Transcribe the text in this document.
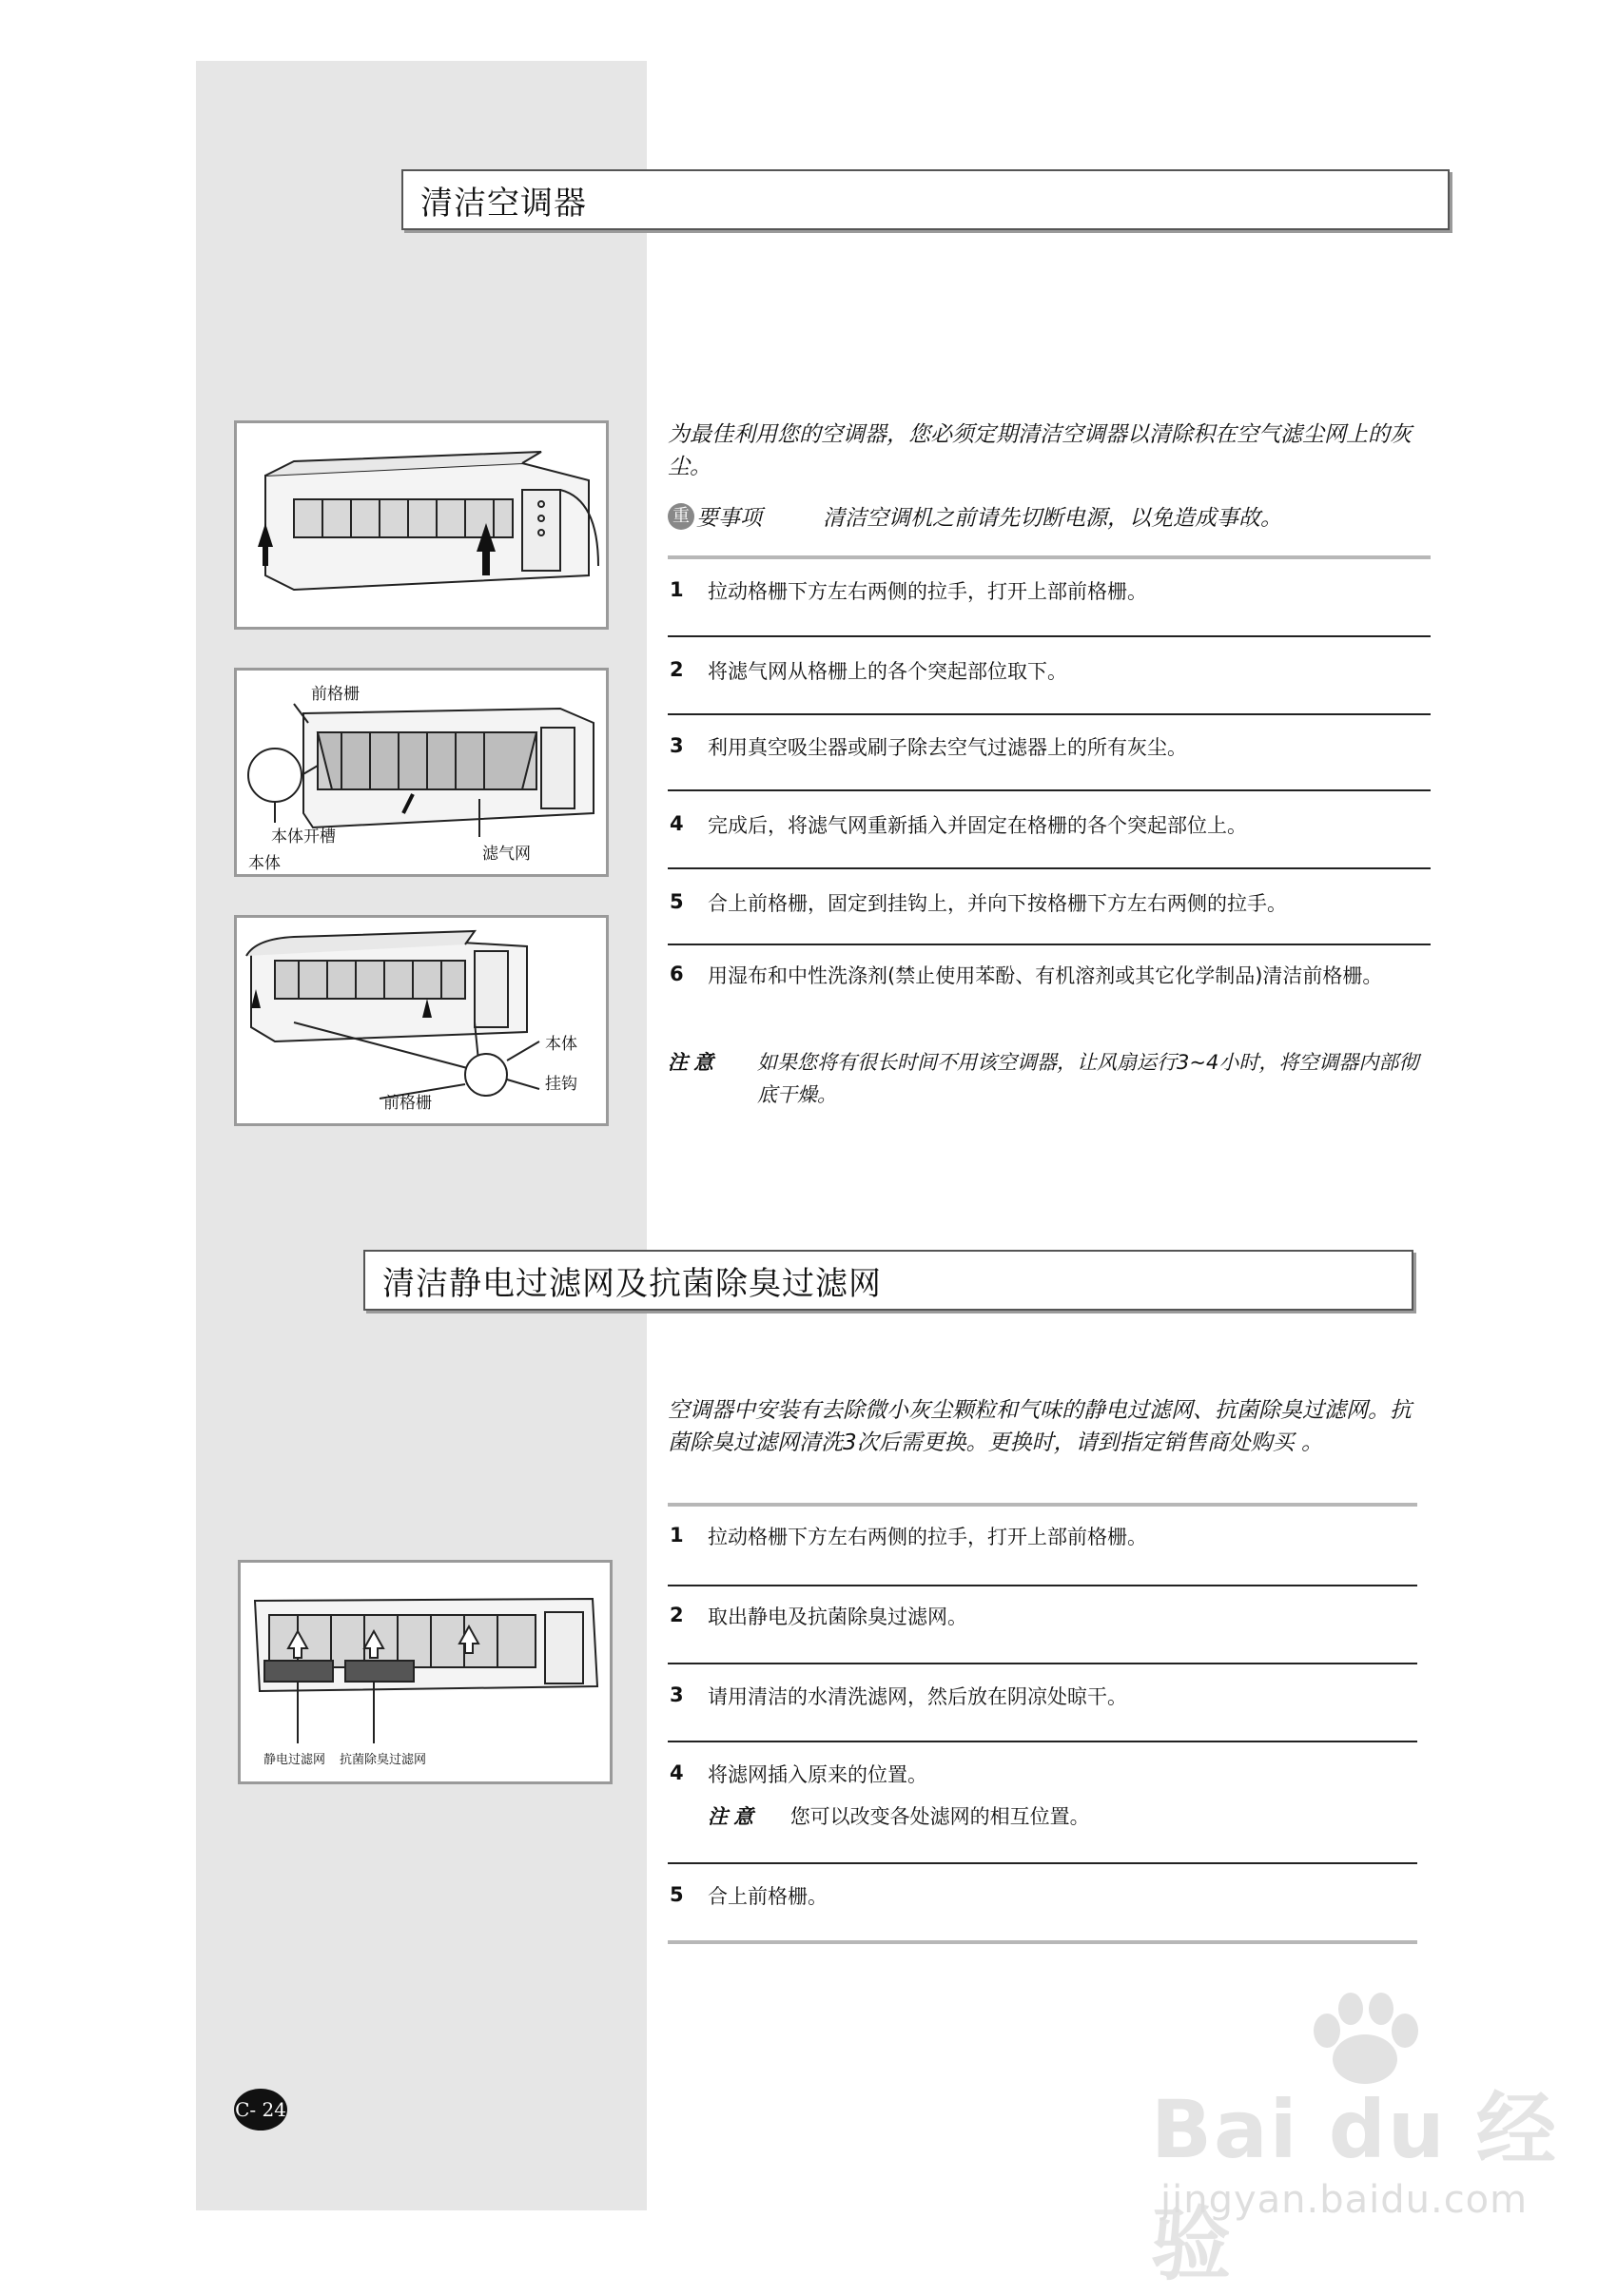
清洁空调器
前格栅
本体开槽
本体	滤气网
本体
前格栅
挂钩
为最佳利用您的空调器，您必须定期清洁空调器以清除积在空气滤尘网上的灰尘。
重 要事项	清洁空调机之前请先切断电源，以免造成事故。
1 拉动格栅下方左右两侧的拉手，打开上部前格栅。
2 将滤气网从格栅上的各个突起部位取下。
3 利用真空吸尘器或刷子除去空气过滤器上的所有灰尘。
4 完成后，将滤气网重新插入并固定在格栅的各个突起部位上。
5 合上前格栅，固定到挂钩上，并向下按格栅下方左右两侧的拉手。
6 用湿布和中性洗涤剂(禁止使用苯酚、有机溶剂或其它化学制品)清洁前格栅。
注意 如果您将有很长时间不用该空调器，让风扇运行3~4小时，将空调器内部彻底干燥。
清洁静电过滤网及抗菌除臭过滤网
空调器中安装有去除微小灰尘颗粒和气味的静电过滤网、抗菌除臭过滤网。抗菌除臭过滤网清洗3次后需更换。更换时，请到指定销售商处购买 。
静电过滤网 抗菌除臭过滤网
1 拉动格栅下方左右两侧的拉手，打开上部前格栅。
2 取出静电及抗菌除臭过滤网。
3 请用清洁的水清洗滤网，然后放在阴凉处晾干。
4 将滤网插入原来的位置。
注意 您可以改变各处滤网的相互位置。
5 合上前格栅。
C- 24	Bai du 经验
jingyan.baidu.com
